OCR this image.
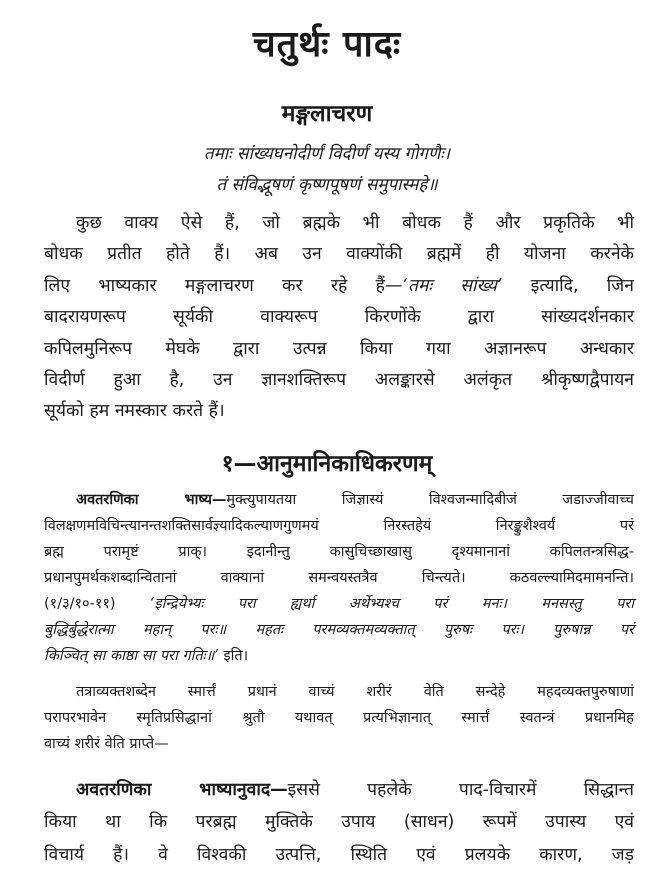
चतुर्थः पादः
मङ्गलाचरण

तमाः सांख्यघनोदीर्णं विदीर्णं यस्य गोगणैः।

तं संविद्भूषणं कृष्णपूषणं समुपास्महे॥

कुछ वाक्य ऐसे हैं, जो ब्रह्मके भी बोधक हैं और प्रकृतिके भी

बोधक प्रतीत होते हैं। अब उन वाक्योंकी ब्रह्ममें ही योजना करनेके

लिए भाष्यकार मङ्गलाचरण कर रहे हैं—‘तमः सांख्य’ इत्यादि, जिन

बादरायणरूप सूर्यकी वाक्यरूप किरणोंके द्वारा सांख्यदर्शनकार

कपिलमुनिरूप मेघके द्वारा उत्पन्न किया गया अज्ञानरूप अन्धकार

विदीर्ण हुआ है, उन ज्ञानशक्तिरूप अलङ्कारसे अलंकृत श्रीकृष्णद्वैपायन

सूर्यको हम नमस्कार करते हैं।

१—आनुमानिकाधिकरणम्

अवतरणिका भाष्य—मुक्त्युपायतया जिज्ञास्यं विश्वजन्मादिबीजं जडाज्जीवाच्च

विलक्षणमविचिन्त्यानन्तशक्तिसार्वज्ञ्यादिकल्याणगुणमयं निरस्तहेयं निरङ्कुशैश्वर्यं परं

ब्रह्म परामृष्टं प्राक्। इदानीन्तु कासुचिच्छाखासु दृश्यमानानां कपिलतन्त्रसिद्ध-

प्रधानपुमर्थकशब्दान्वितानां वाक्यानां समन्वयस्तत्रैव चिन्त्यते। कठवल्ल्यामिदमामनन्ति।

(१/३/१०-११) ‘इन्द्रियेभ्यः परा ह्यर्था अर्थेभ्यश्च परं मनः। मनसस्तु परा

बुद्धिर्बुद्धेरात्मा महान् परः॥ महतः परमव्यक्तमव्यक्तात् पुरुषः परः। पुरुषान्न परं

किञ्चित् सा काष्ठा सा परा गतिः॥’ इति।

तत्राव्यक्तशब्देन स्मार्त्तं प्रधानं वाच्यं शरीरं वेति सन्देहे महदव्यक्तपुरुषाणां

परापरभावेन स्मृतिप्रसिद्धानां श्रुतौ यथावत् प्रत्यभिज्ञानात् स्मार्त्तं स्वतन्त्रं प्रधानमिह

वाच्यं शरीरं वेति प्राप्ते—

अवतरणिका भाष्यानुवाद—इससे पहलेके पाद-विचारमें सिद्धान्त

किया था कि परब्रह्म मुक्तिके उपाय (साधन) रूपमें उपास्य एवं

विचार्य हैं। वे विश्वकी उत्पत्ति, स्थिति एवं प्रलयके कारण, जड़
